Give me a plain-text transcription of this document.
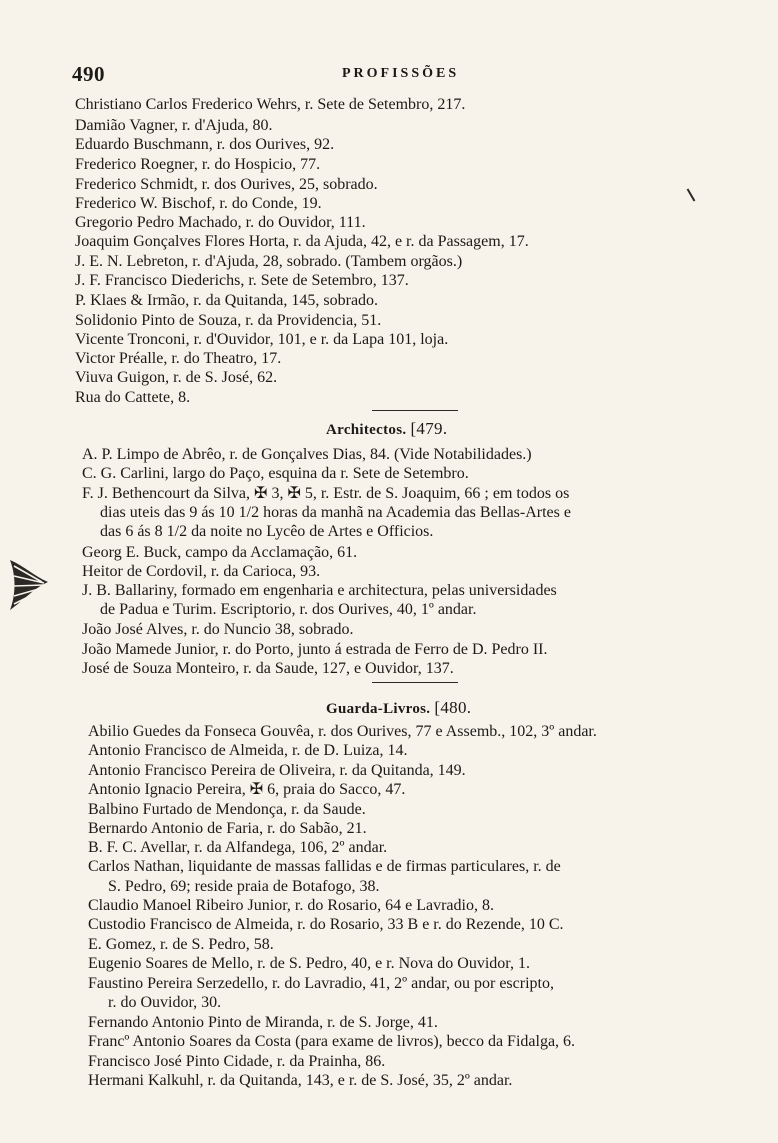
490	PROFISSÕES
Christiano Carlos Frederico Wehrs, r. Sete de Setembro, 217.
Damião Vagner, r. d'Ajuda, 80.
Eduardo Buschmann, r. dos Ourives, 92.
Frederico Roegner, r. do Hospicio, 77.
Frederico Schmidt, r. dos Ourives, 25, sobrado.
Frederico W. Bischof, r. do Conde, 19.
Gregorio Pedro Machado, r. do Ouvidor, 111.
Joaquim Gonçalves Flores Horta, r. da Ajuda, 42, e r. da Passagem, 17.
J. E. N. Lebreton, r. d'Ajuda, 28, sobrado. (Tambem orgãos.)
J. F. Francisco Diederichs, r. Sete de Setembro, 137.
P. Klaes & Irmão, r. da Quitanda, 145, sobrado.
Solidonio Pinto de Souza, r. da Providencia, 51.
Vicente Tronconi, r. d'Ouvidor, 101, e r. da Lapa 101, loja.
Victor Préalle, r. do Theatro, 17.
Viuva Guigon, r. de S. José, 62.
Rua do Cattete, 8.
Architectos. [479.
A. P. Limpo de Abrêo, r. de Gonçalves Dias, 84. (Vide Notabilidades.)
C. G. Carlini, largo do Paço, esquina da r. Sete de Setembro.
F. J. Bethencourt da Silva, ✠ 3, ✠ 5, r. Estr. de S. Joaquim, 66 ; em todos os
dias uteis das 9 ás 10 1/2 horas da manhã na Academia das Bellas-Artes e
das 6 ás 8 1/2 da noite no Lycêo de Artes e Officios.
Georg E. Buck, campo da Acclamação, 61.
Heitor de Cordovil, r. da Carioca, 93.
J. B. Ballariny, formado em engenharia e architectura, pelas universidades
de Padua e Turim. Escriptorio, r. dos Ourives, 40, 1º andar.
João José Alves, r. do Nuncio 38, sobrado.
João Mamede Junior, r. do Porto, junto á estrada de Ferro de D. Pedro II.
José de Souza Monteiro, r. da Saude, 127, e Ouvidor, 137.
Guarda-Livros. [480.
Abilio Guedes da Fonseca Gouvêa, r. dos Ourives, 77 e Assemb., 102, 3º andar.
Antonio Francisco de Almeida, r. de D. Luiza, 14.
Antonio Francisco Pereira de Oliveira, r. da Quitanda, 149.
Antonio Ignacio Pereira, ✠ 6, praia do Sacco, 47.
Balbino Furtado de Mendonça, r. da Saude.
Bernardo Antonio de Faria, r. do Sabão, 21.
B. F. C. Avellar, r. da Alfandega, 106, 2º andar.
Carlos Nathan, liquidante de massas fallidas e de firmas particulares, r. de
S. Pedro, 69; reside praia de Botafogo, 38.
Claudio Manoel Ribeiro Junior, r. do Rosario, 64 e Lavradio, 8.
Custodio Francisco de Almeida, r. do Rosario, 33 B e r. do Rezende, 10 C.
E. Gomez, r. de S. Pedro, 58.
Eugenio Soares de Mello, r. de S. Pedro, 40, e r. Nova do Ouvidor, 1.
Faustino Pereira Serzedello, r. do Lavradio, 41, 2º andar, ou por escripto,
r. do Ouvidor, 30.
Fernando Antonio Pinto de Miranda, r. de S. Jorge, 41.
Francº Antonio Soares da Costa (para exame de livros), becco da Fidalga, 6.
Francisco José Pinto Cidade, r. da Prainha, 86.
Hermani Kalkuhl, r. da Quitanda, 143, e r. de S. José, 35, 2º andar.
